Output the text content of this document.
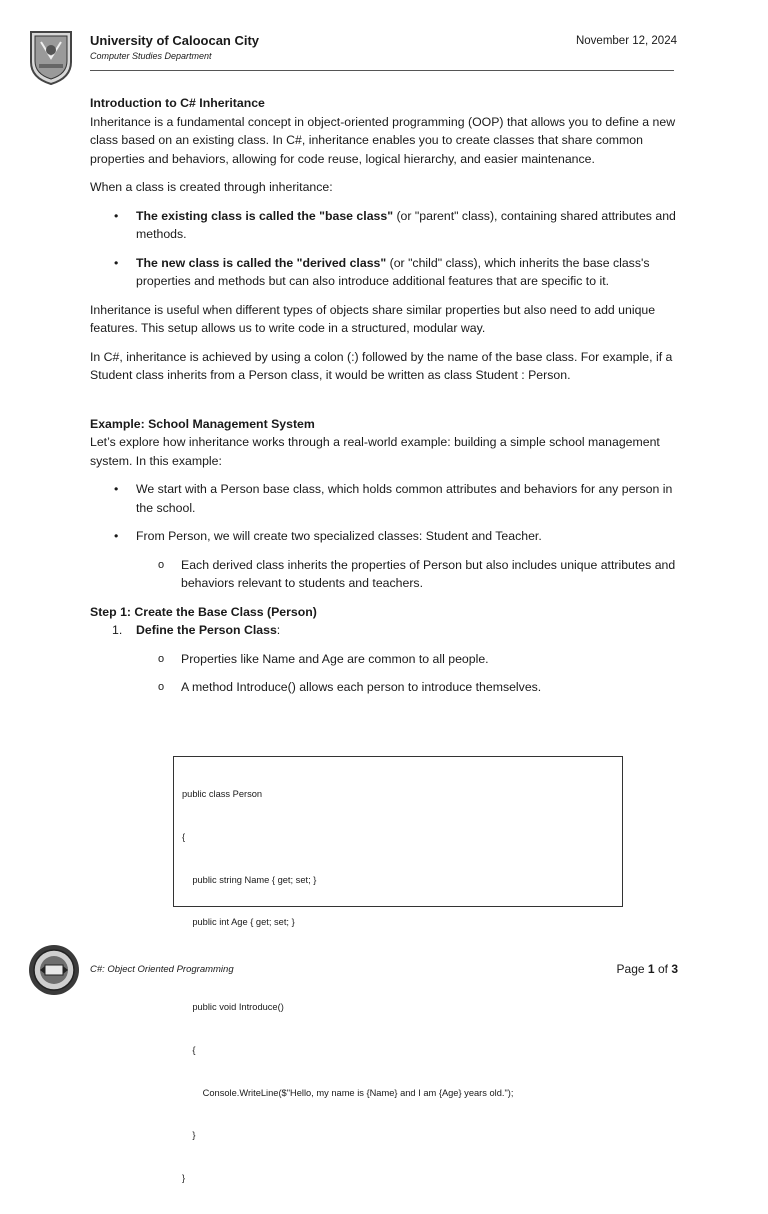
University of Caloocan City
Computer Studies Department
November 12, 2024

Introduction to C# Inheritance

Inheritance is a fundamental concept in object-oriented programming (OOP) that allows you to define a new class based on an existing class. In C#, inheritance enables you to create classes that share common properties and behaviors, allowing for code reuse, logical hierarchy, and easier maintenance.

When a class is created through inheritance:

• The existing class is called the "base class" (or "parent" class), containing shared attributes and methods.
• The new class is called the "derived class" (or "child" class), which inherits the base class's properties and methods but can also introduce additional features that are specific to it.

Inheritance is useful when different types of objects share similar properties but also need to add unique features. This setup allows us to write code in a structured, modular way.

In C#, inheritance is achieved by using a colon (:) followed by the name of the base class. For example, if a Student class inherits from a Person class, it would be written as class Student : Person.

Example: School Management System

Let’s explore how inheritance works through a real-world example: building a simple school management system. In this example:

• We start with a Person base class, which holds common attributes and behaviors for any person in the school.
• From Person, we will create two specialized classes: Student and Teacher.
o Each derived class inherits the properties of Person but also includes unique attributes and behaviors relevant to students and teachers.

Step 1: Create the Base Class (Person)

1. Define the Person Class:
o Properties like Name and Age are common to all people.
o A method Introduce() allows each person to introduce themselves.

public class Person

{

public string Name { get; set; }

public int Age { get; set; }

public void Introduce()

{

Console.WriteLine($"Hello, my name is {Name} and I am {Age} years old.");

}

}

C#: Object Oriented Programming	Page 1 of 3
